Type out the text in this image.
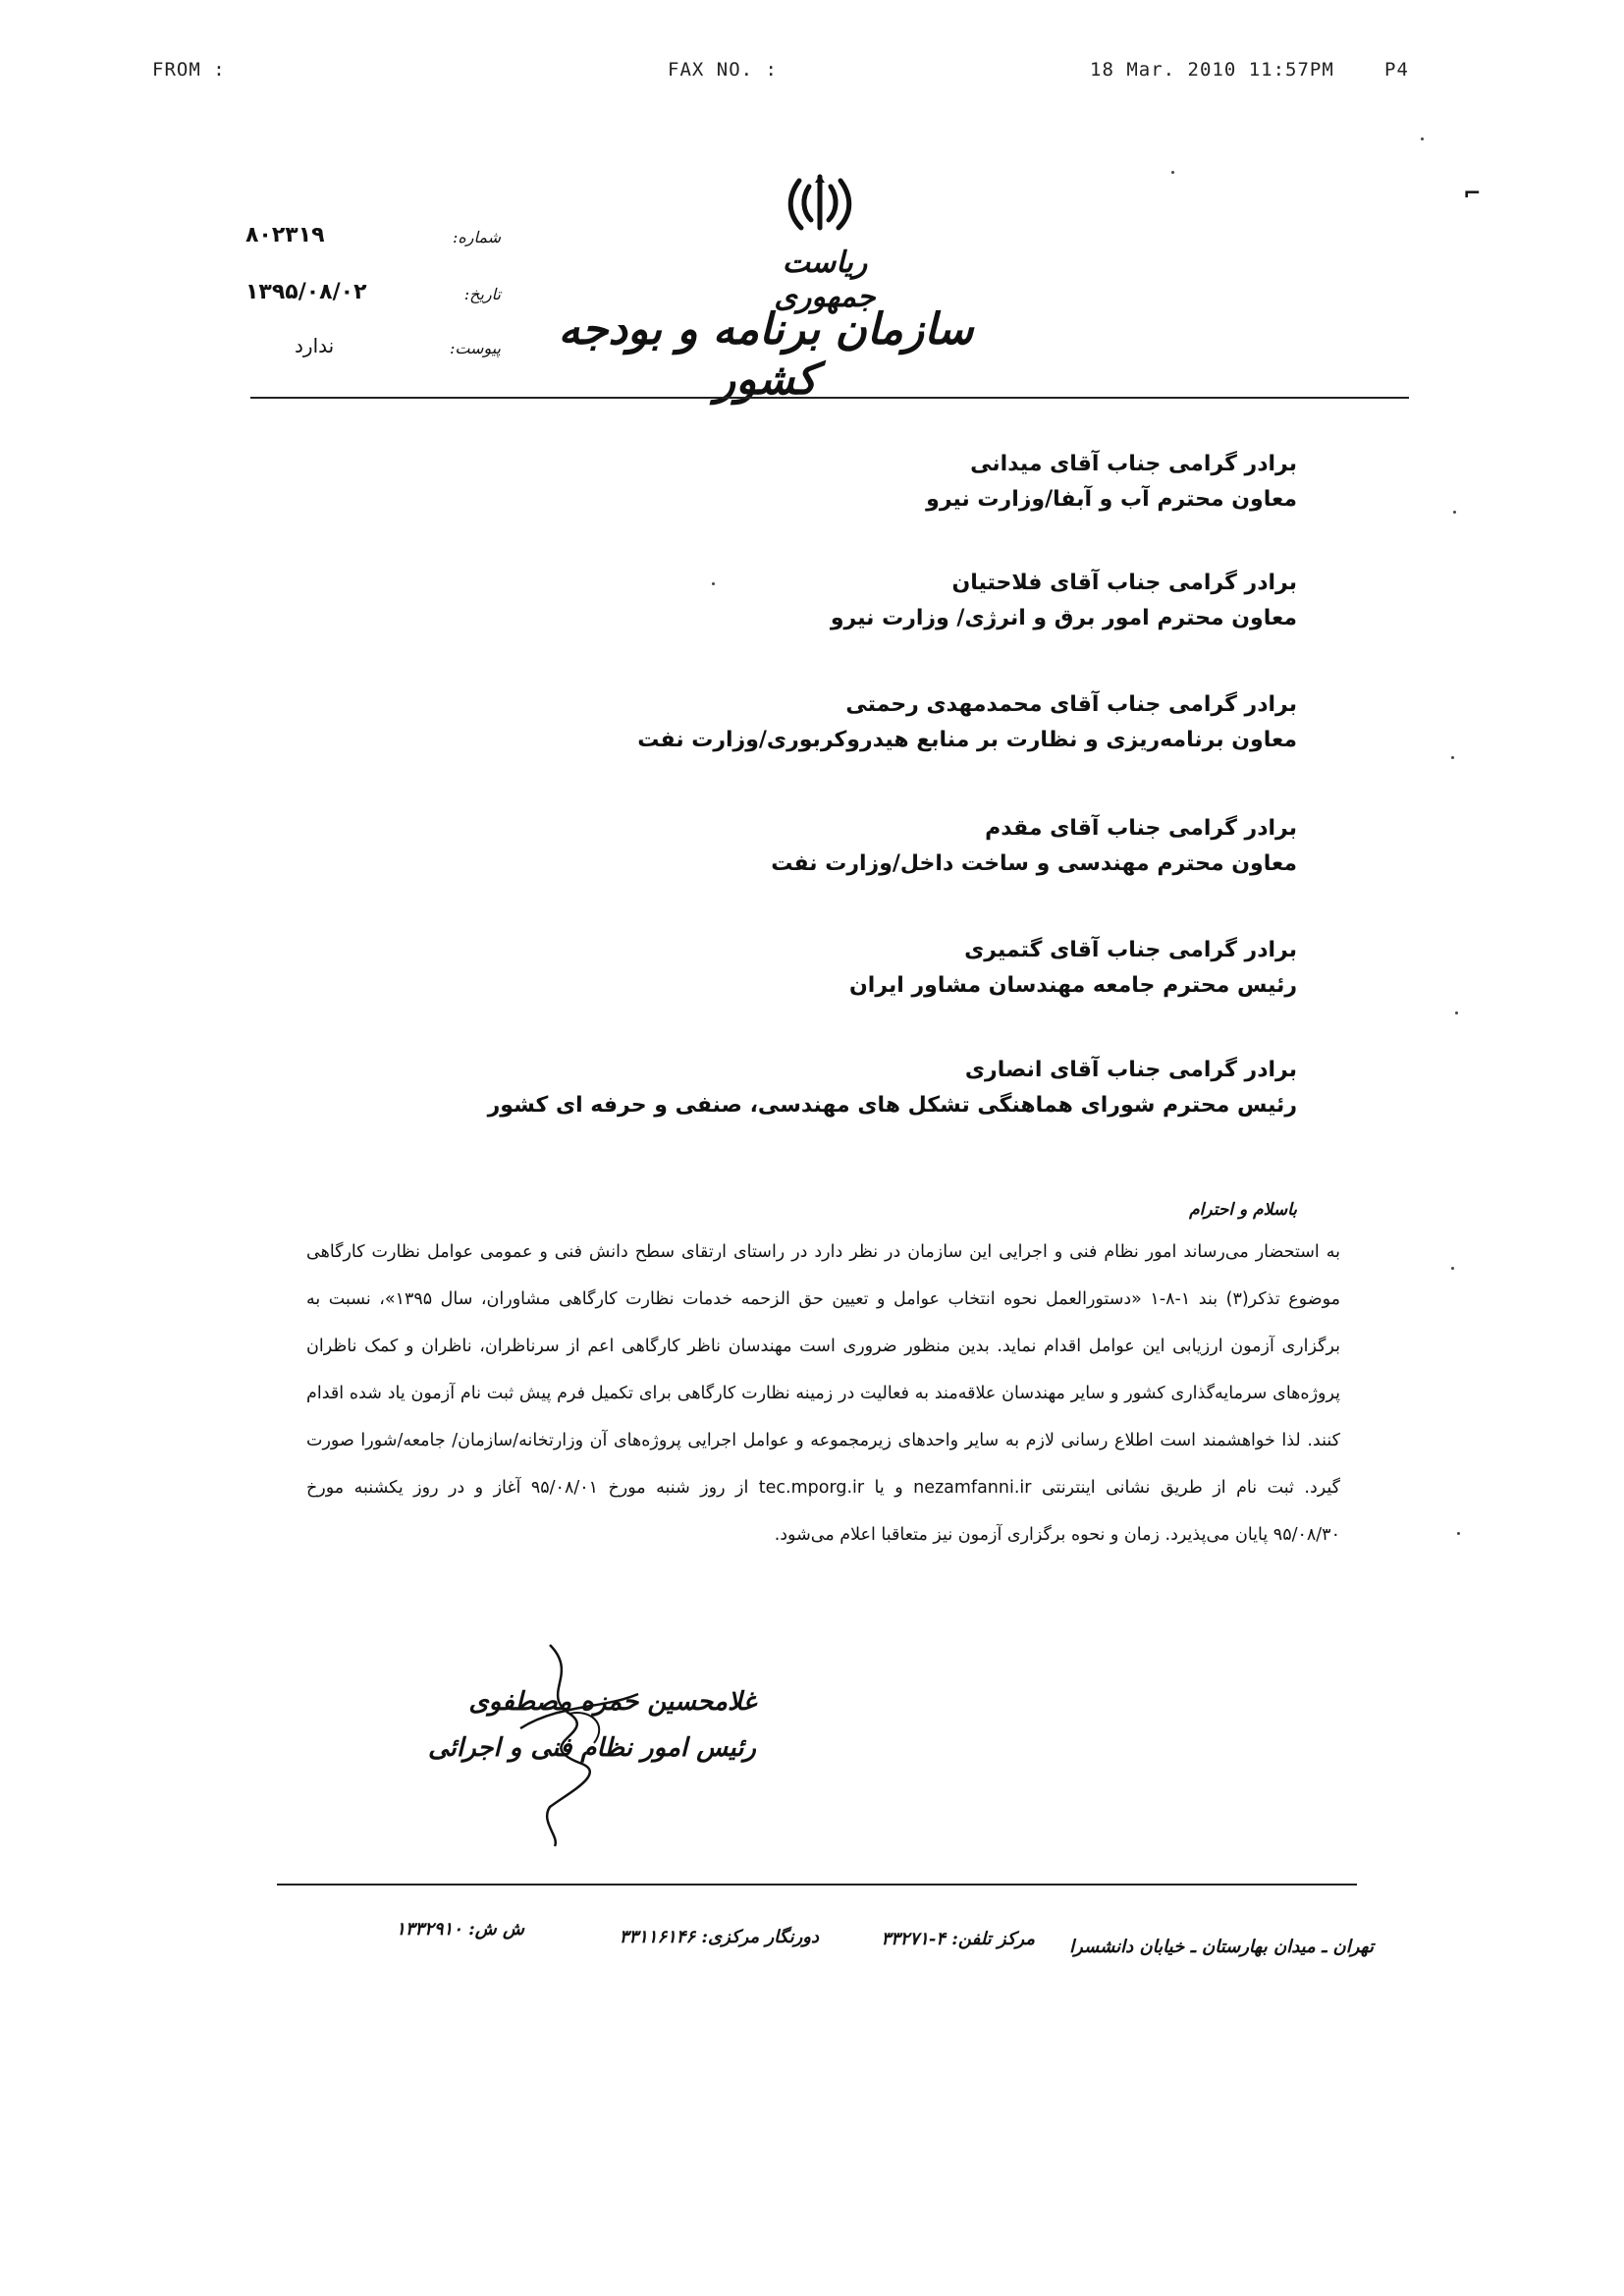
FROM :	FAX NO. :	18 Mar. 2010 11:57PM	P4
ریاست جمهوری
سازمان برنامه و بودجه کشور
۸۰۲۳۱۹	شماره:
۱۳۹۵/۰۸/۰۲	تاریخ:
ندارد	پیوست:
برادر گرامی جناب آقای میدانی
معاون محترم آب و آبفا/وزارت نیرو
برادر گرامی جناب آقای فلاحتیان
معاون محترم امور برق و انرژی/ وزارت نیرو
برادر گرامی جناب آقای محمدمهدی رحمتی
معاون برنامه‌ریزی و نظارت بر منابع هیدروکربوری/وزارت نفت
برادر گرامی جناب آقای مقدم
معاون محترم مهندسی و ساخت داخل/وزارت نفت
برادر گرامی جناب آقای گتمیری
رئیس محترم جامعه مهندسان مشاور ایران
برادر گرامی جناب آقای انصاری
رئیس محترم شورای هماهنگی تشکل های مهندسی، صنفی و حرفه ای کشور
باسلام و احترام
به استحضار می‌رساند امور نظام فنی و اجرایی این سازمان در نظر دارد در راستای ارتقای سطح دانش فنی و عمومی عوامل نظارت کارگاهی
موضوع تذکر(۳) بند ۱-۸-۱ «دستورالعمل نحوه انتخاب عوامل و تعیین حق الزحمه خدمات نظارت کارگاهی مشاوران، سال ۱۳۹۵»، نسبت به
برگزاری آزمون ارزیابی این عوامل اقدام نماید. بدین منظور ضروری است مهندسان ناظر کارگاهی اعم از سرناظران، ناظران و کمک ناظران
پروژه‌های سرمایه‌گذاری کشور و سایر مهندسان علاقه‌مند به فعالیت در زمینه نظارت کارگاهی برای تکمیل فرم پیش ثبت نام آزمون یاد شده اقدام
کنند. لذا خواهشمند است اطلاع رسانی لازم به سایر واحدهای زیرمجموعه و عوامل اجرایی پروژه‌های آن وزارتخانه/سازمان/ جامعه/شورا صورت
گیرد. ثبت نام از طریق نشانی اینترنتی nezamfanni.ir و یا tec.mporg.ir از روز شنبه مورخ ۹۵/۰۸/۰۱ آغاز و در روز یکشنبه مورخ
۹۵/۰۸/۳۰ پایان می‌پذیرد. زمان و نحوه برگزاری آزمون نیز متعاقبا اعلام می‌شود.
غلامحسین حمزه مصطفوی
رئیس امور نظام فنی و اجرائی
تهران ـ میدان بهارستان ـ خیابان دانشسرا
مرکز تلفن: ۴-۳۳۲۷۱
دورنگار مرکزی: ۳۳۱۱۶۱۴۶
ش ش: ۱۳۳۲۹۱۰
⌐
